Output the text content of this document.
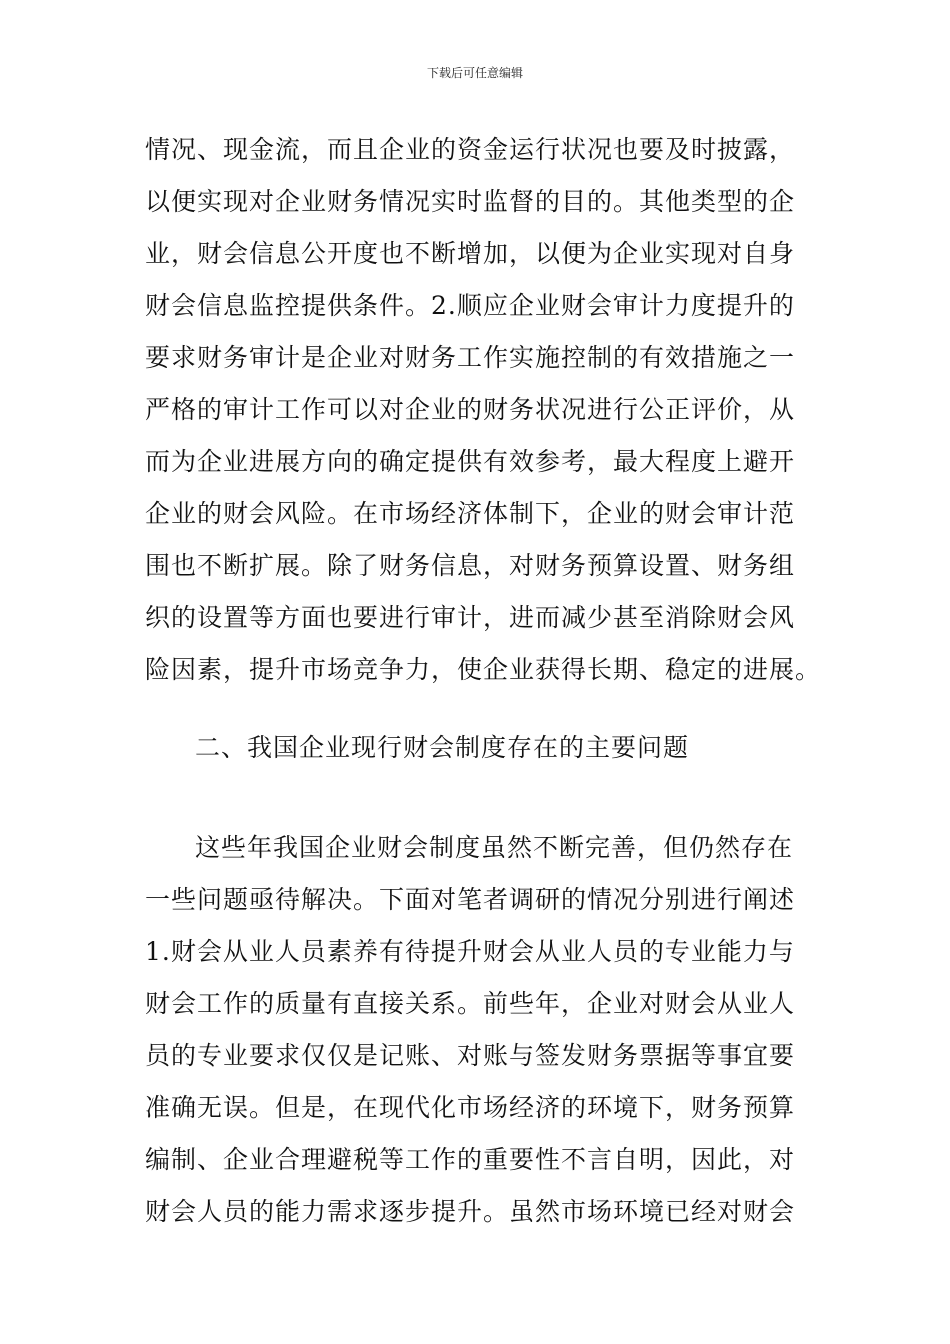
下载后可任意编辑
情况、现金流，而且企业的资金运行状况也要及时披露，
以便实现对企业财务情况实时监督的目的。其他类型的企
业，财会信息公开度也不断增加，以便为企业实现对自身
财会信息监控提供条件。2.顺应企业财会审计力度提升的
要求财务审计是企业对财务工作实施控制的有效措施之一
严格的审计工作可以对企业的财务状况进行公正评价，从
而为企业进展方向的确定提供有效参考，最大程度上避开
企业的财会风险。在市场经济体制下，企业的财会审计范
围也不断扩展。除了财务信息，对财务预算设置、财务组
织的设置等方面也要进行审计，进而减少甚至消除财会风
险因素，提升市场竞争力，使企业获得长期、稳定的进展。
二、我国企业现行财会制度存在的主要问题
这些年我国企业财会制度虽然不断完善，但仍然存在
一些问题亟待解决。下面对笔者调研的情况分别进行阐述
1.财会从业人员素养有待提升财会从业人员的专业能力与
财会工作的质量有直接关系。前些年，企业对财会从业人
员的专业要求仅仅是记账、对账与签发财务票据等事宜要
准确无误。但是，在现代化市场经济的环境下，财务预算
编制、企业合理避税等工作的重要性不言自明，因此，对
财会人员的能力需求逐步提升。虽然市场环境已经对财会
